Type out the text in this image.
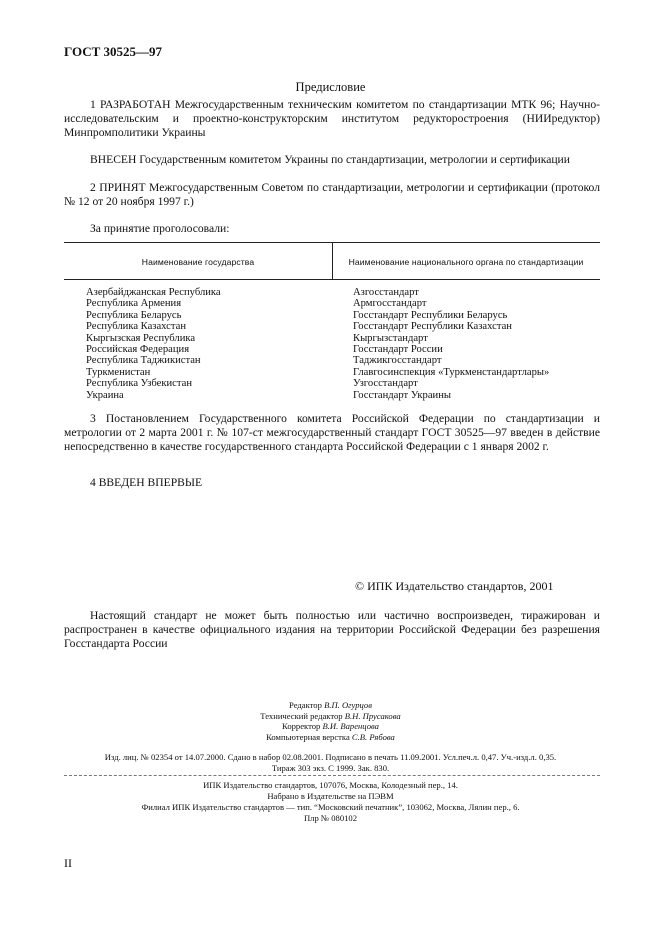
ГОСТ 30525—97
Предисловие
1 РАЗРАБОТАН Межгосударственным техническим комитетом по стандартизации МТК 96; Научно-исследовательским и проектно-конструкторским институтом редукторостроения (НИИредуктор) Минпромполитики Украины
ВНЕСЕН Государственным комитетом Украины по стандартизации, метрологии и сертификации
2 ПРИНЯТ Межгосударственным Советом по стандартизации, метрологии и сертификации (протокол № 12 от 20 ноября 1997 г.)
За принятие проголосовали:
Наименование государства	Наименование национального органа по стандартизации
Азербайджанская Республика
Республика Армения
Республика Беларусь
Республика Казахстан
Кыргызская Республика
Российская Федерация
Республика Таджикистан
Туркменистан
Республика Узбекистан
Украина
Азгосстандарт
Армгосстандарт
Госстандарт Республики Беларусь
Госстандарт Республики Казахстан
Кыргызстандарт
Госстандарт России
Таджикгосстандарт
Главгосинспекция «Туркменстандартлары»
Узгосстандарт
Госстандарт Украины
3 Постановлением Государственного комитета Российской Федерации по стандартизации и метрологии от 2 марта 2001 г. № 107-ст межгосударственный стандарт ГОСТ 30525—97 введен в действие непосредственно в качестве государственного стандарта Российской Федерации с 1 января 2002 г.
4 ВВЕДЕН ВПЕРВЫЕ
© ИПК Издательство стандартов, 2001
Настоящий стандарт не может быть полностью или частично воспроизведен, тиражирован и распространен в качестве официального издания на территории Российской Федерации без разрешения Госстандарта России
Редактор В.П. Огурцов
Технический редактор В.Н. Прусакова
Корректор В.И. Варенцова
Компьютерная верстка С.В. Рябова
Изд. лиц. № 02354 от 14.07.2000. Сдано в набор 02.08.2001. Подписано в печать 11.09.2001. Усл.печ.л. 0,47. Уч.-изд.л. 0,35.
Тираж 303 экз. С 1999. Зак. 830.
ИПК Издательство стандартов, 107076, Москва, Колодезный пер., 14.
Набрано в Издательстве на ПЭВМ
Филиал ИПК Издательство стандартов — тип. “Московский печатник”, 103062, Москва, Лялин пер., 6.
Плр № 080102
II
